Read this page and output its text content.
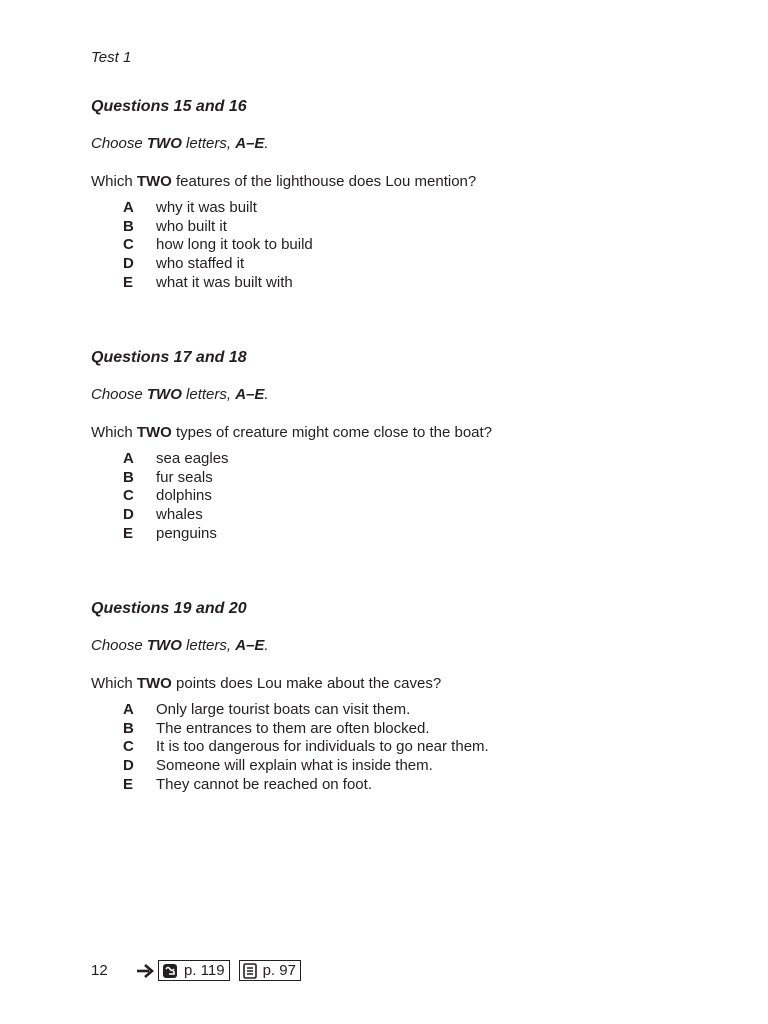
Test 1
Questions 15 and 16
Choose TWO letters, A–E.
Which TWO features of the lighthouse does Lou mention?
A	why it was built
B	who built it
C	how long it took to build
D	who staffed it
E	what it was built with
Questions 17 and 18
Choose TWO letters, A–E.
Which TWO types of creature might come close to the boat?
A	sea eagles
B	fur seals
C	dolphins
D	whales
E	penguins
Questions 19 and 20
Choose TWO letters, A–E.
Which TWO points does Lou make about the caves?
A	Only large tourist boats can visit them.
B	The entrances to them are often blocked.
C	It is too dangerous for individuals to go near them.
D	Someone will explain what is inside them.
E	They cannot be reached on foot.
12	p. 119	p. 97
